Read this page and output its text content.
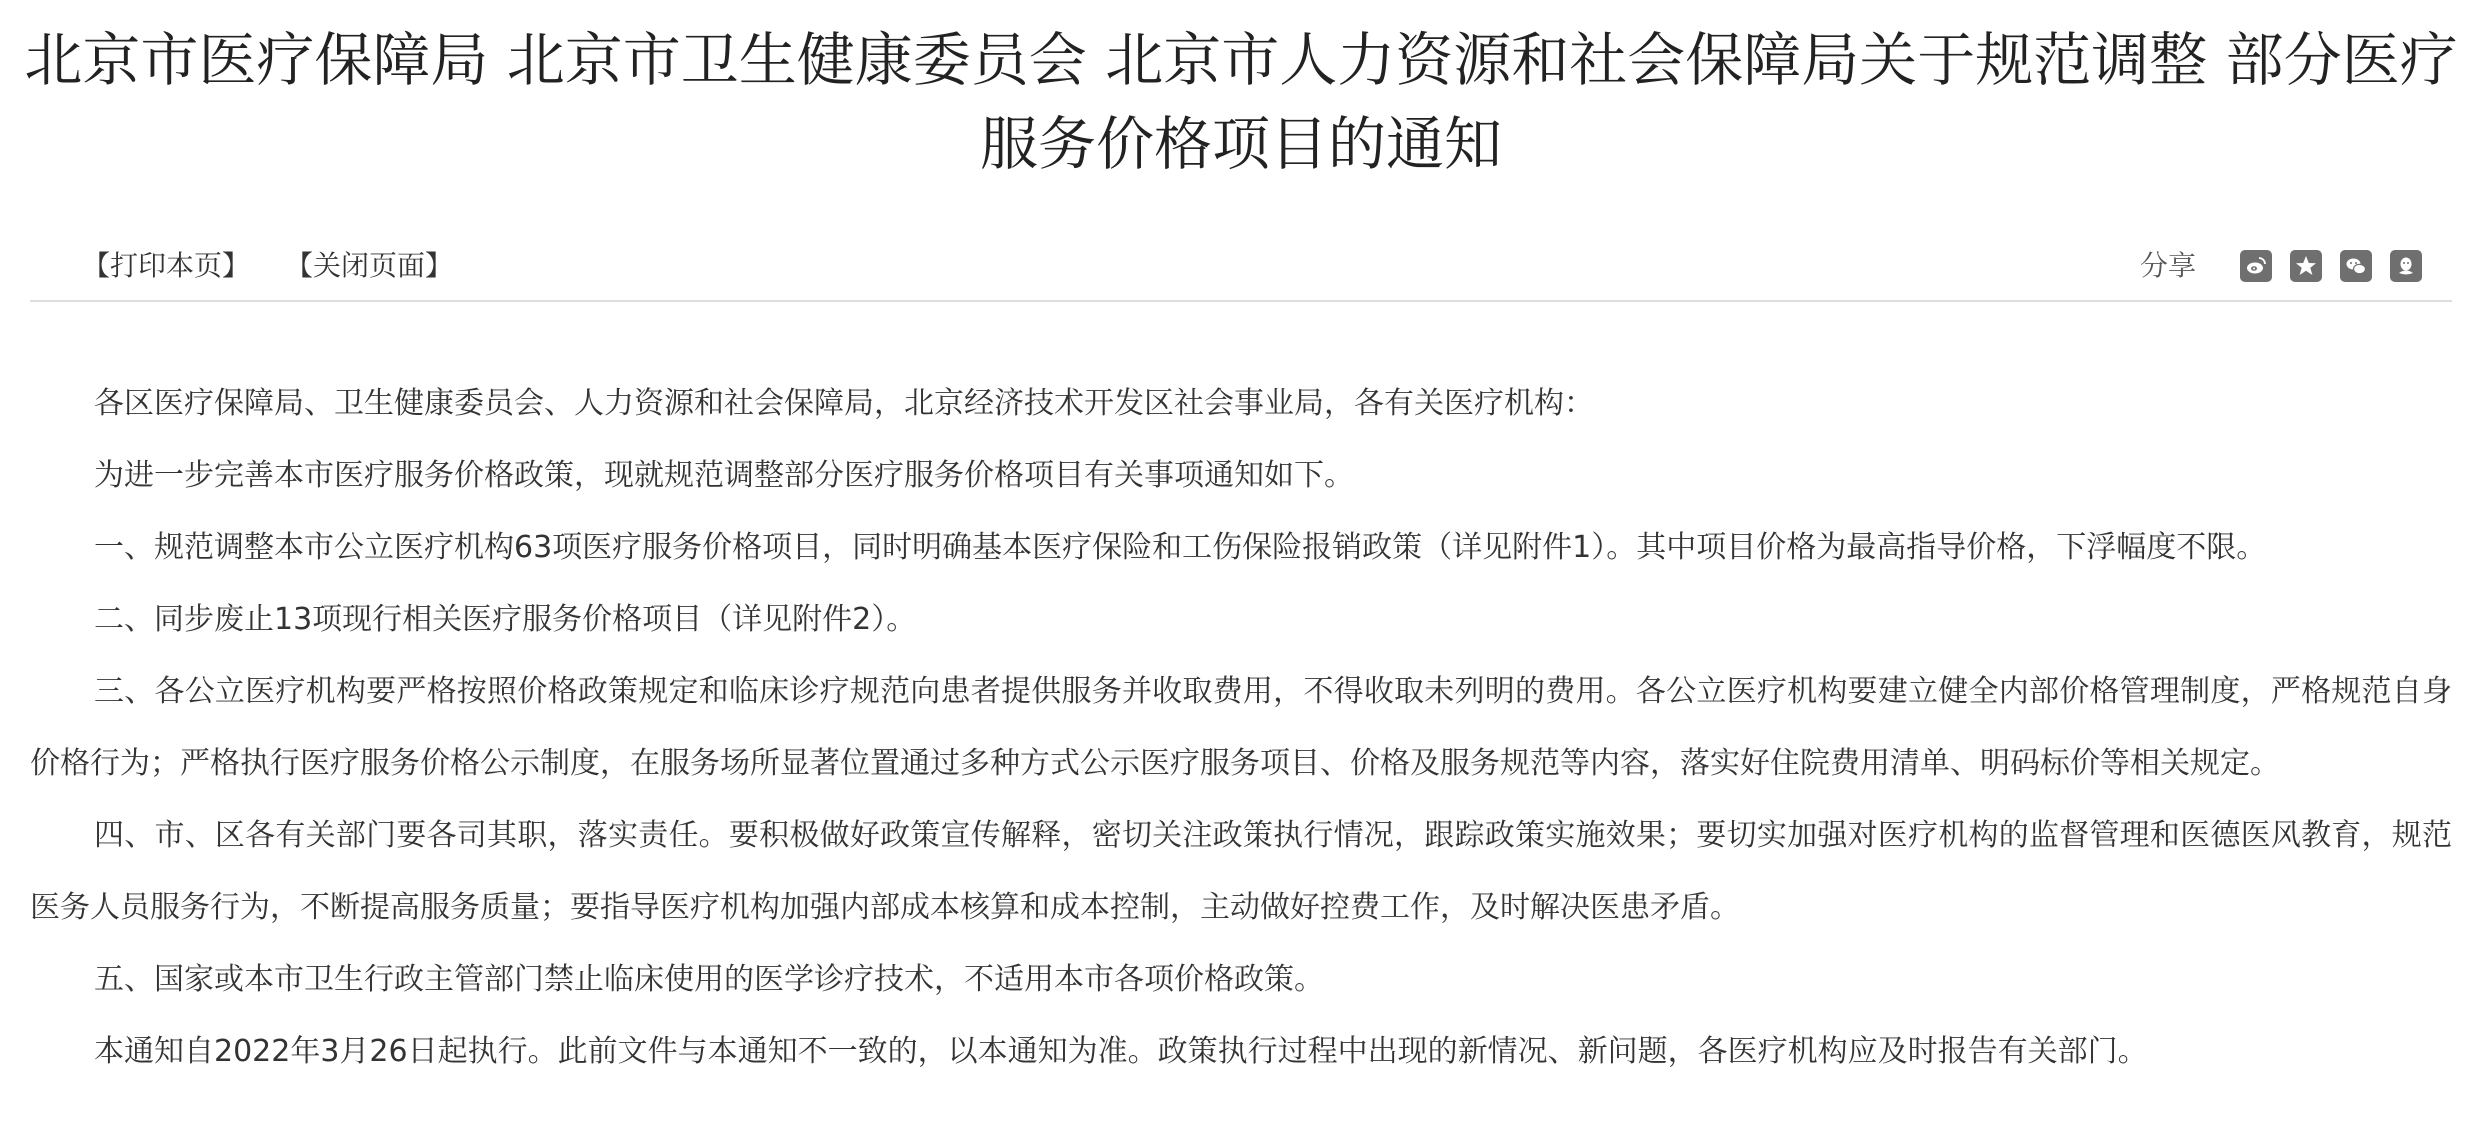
北京市医疗保障局 北京市卫生健康委员会 北京市人力资源和社会保障局关于规范调整 部分医疗
服务价格项目的通知
【打印本页】 【关闭页面】	分享

各区医疗保障局、卫生健康委员会、人力资源和社会保障局，北京经济技术开发区社会事业局，各有关医疗机构：

为进一步完善本市医疗服务价格政策，现就规范调整部分医疗服务价格项目有关事项通知如下。

一、规范调整本市公立医疗机构63项医疗服务价格项目，同时明确基本医疗保险和工伤保险报销政策（详见附件1）。其中项目价格为最高指导价格，下浮幅度不限。

二、同步废止13项现行相关医疗服务价格项目（详见附件2）。

三、各公立医疗机构要严格按照价格政策规定和临床诊疗规范向患者提供服务并收取费用，不得收取未列明的费用。各公立医疗机构要建立健全内部价格管理制度，严格规范自身价格行为；严格执行医疗服务价格公示制度，在服务场所显著位置通过多种方式公示医疗服务项目、价格及服务规范等内容，落实好住院费用清单、明码标价等相关规定。

四、市、区各有关部门要各司其职，落实责任。要积极做好政策宣传解释，密切关注政策执行情况，跟踪政策实施效果；要切实加强对医疗机构的监督管理和医德医风教育，规范医务人员服务行为，不断提高服务质量；要指导医疗机构加强内部成本核算和成本控制，主动做好控费工作，及时解决医患矛盾。

五、国家或本市卫生行政主管部门禁止临床使用的医学诊疗技术，不适用本市各项价格政策。

本通知自2022年3月26日起执行。此前文件与本通知不一致的，以本通知为准。政策执行过程中出现的新情况、新问题，各医疗机构应及时报告有关部门。
